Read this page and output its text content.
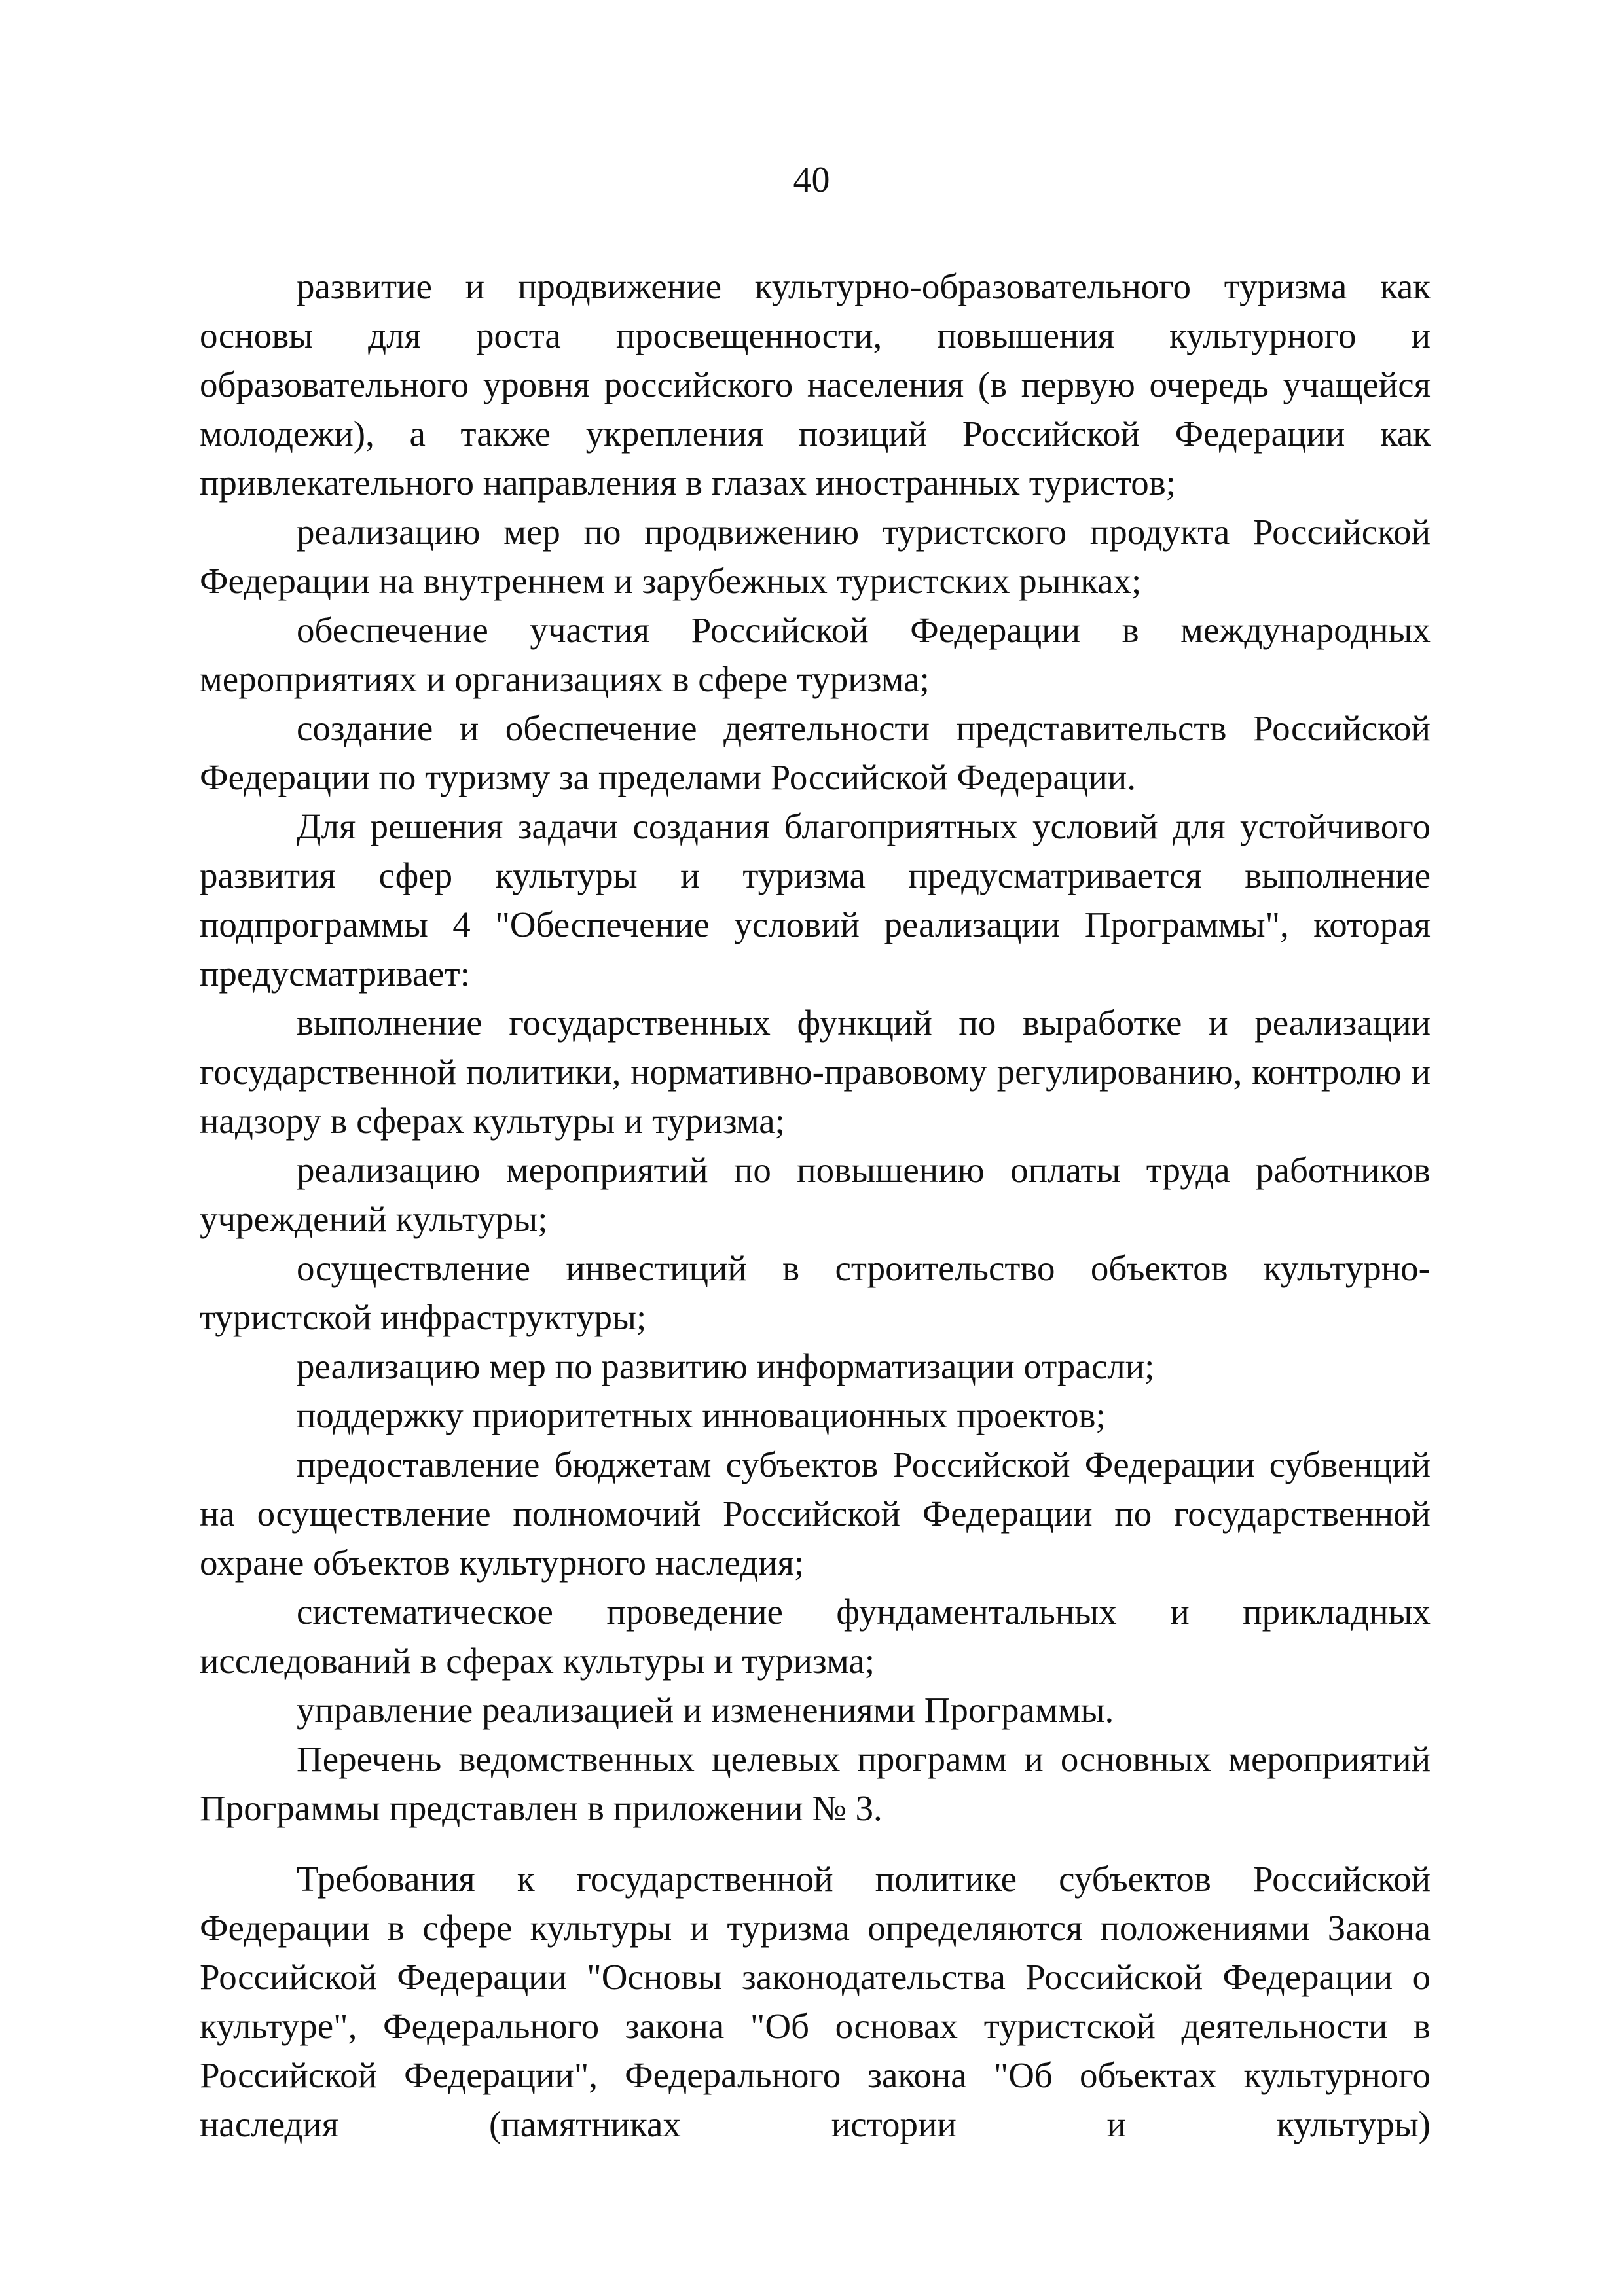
40

развитие и продвижение культурно-образовательного туризма как основы для роста просвещенности, повышения культурного и образовательного уровня российского населения (в первую очередь учащейся молодежи), а также укрепления позиций Российской Федерации как привлекательного направления в глазах иностранных туристов;

реализацию мер по продвижению туристского продукта Российской Федерации на внутреннем и зарубежных туристских рынках;

обеспечение участия Российской Федерации в международных мероприятиях и организациях в сфере туризма;

создание и обеспечение деятельности представительств Российской Федерации по туризму за пределами Российской Федерации.

Для решения задачи создания благоприятных условий для устойчивого развития сфер культуры и туризма предусматривается выполнение подпрограммы 4 "Обеспечение условий реализации Программы", которая предусматривает:

выполнение государственных функций по выработке и реализации государственной политики, нормативно-правовому регулированию, контролю и надзору в сферах культуры и туризма;

реализацию мероприятий по повышению оплаты труда работников учреждений культуры;

осуществление инвестиций в строительство объектов культурно-туристской инфраструктуры;

реализацию мер по развитию информатизации отрасли;

поддержку приоритетных инновационных проектов;

предоставление бюджетам субъектов Российской Федерации субвенций на осуществление полномочий Российской Федерации по государственной охране объектов культурного наследия;

систематическое проведение фундаментальных и прикладных исследований в сферах культуры и туризма;

управление реализацией и изменениями Программы.

Перечень ведомственных целевых программ и основных мероприятий Программы представлен в приложении № 3.

Требования к государственной политике субъектов Российской Федерации в сфере культуры и туризма определяются положениями Закона Российской Федерации "Основы законодательства Российской Федерации о культуре", Федерального закона "Об основах туристской деятельности в Российской Федерации", Федерального закона "Об объектах культурного наследия (памятниках истории и культуры)
